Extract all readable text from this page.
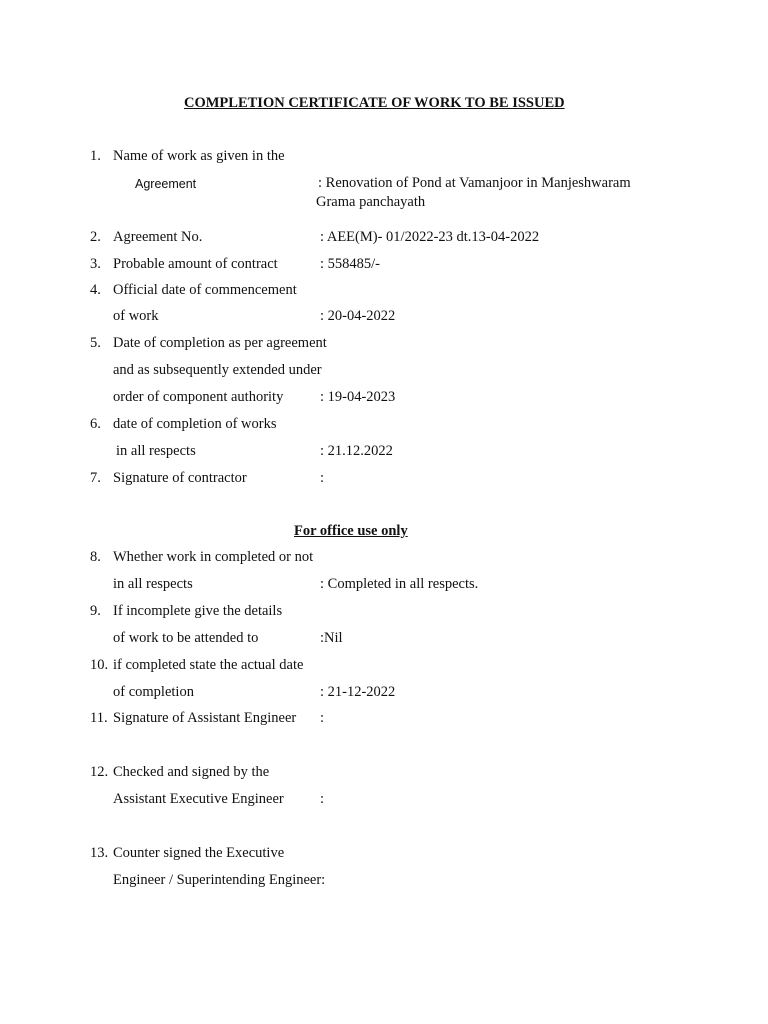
COMPLETION CERTIFICATE OF WORK TO BE ISSUED
1. Name of work as given in the
Agreement	: Renovation of Pond at Vamanjoor in Manjeshwaram
Grama panchayath
2. Agreement No.	: AEE(M)- 01/2022-23 dt.13-04-2022
3. Probable amount of contract	: 558485/-
4. Official date of commencement
of work	: 20-04-2022
5. Date of completion as per agreement
and as subsequently extended under
order of component authority	: 19-04-2023
6. date of completion of works
in all respects	: 21.12.2022
7. Signature of contractor	:
For office use only
8. Whether work in completed or not
in all respects	: Completed in all respects.
9. If incomplete give the details
of work to be attended to	:Nil
10. if completed state the actual date
of completion	: 21-12-2022
11. Signature of Assistant Engineer :
12. Checked and signed by the
Assistant Executive Engineer	:
13. Counter signed the Executive
Engineer / Superintending Engineer:
